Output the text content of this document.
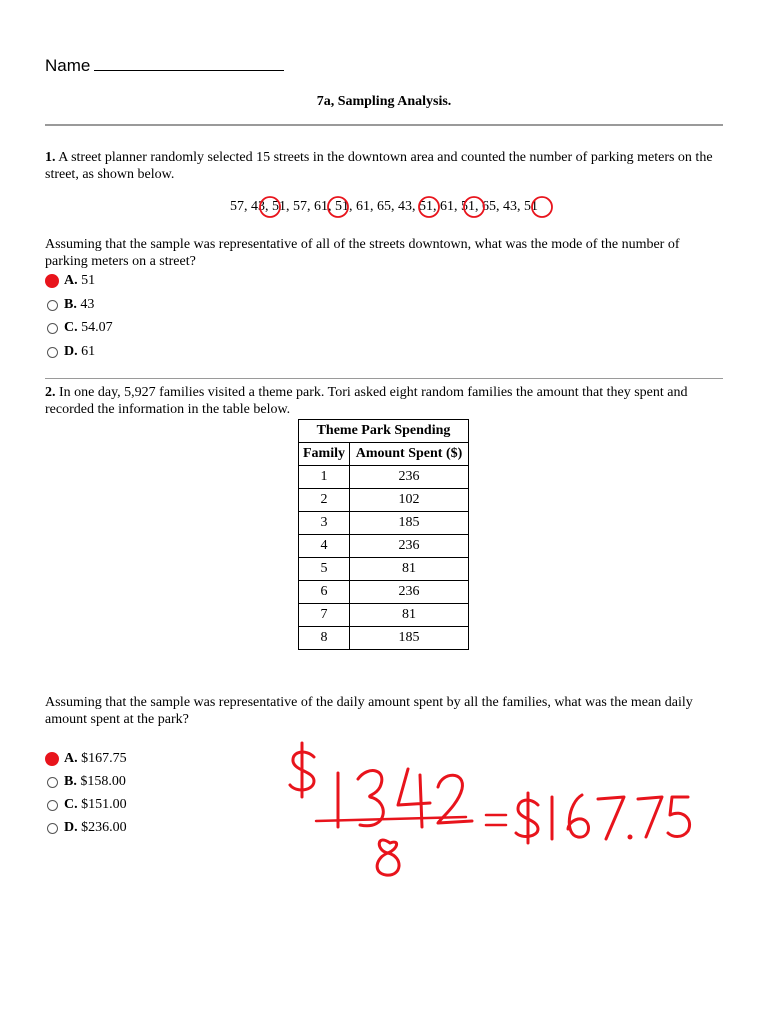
Name
7a, Sampling Analysis.
1. A street planner randomly selected 15 streets in the downtown area and counted the number of parking meters on the street, as shown below.
57, 43, 51, 57, 61, 51, 61, 65, 43, 51, 61, 51, 65, 43, 51
Assuming that the sample was representative of all of the streets downtown, what was the mode of the number of parking meters on a street?
A.
51
B.
43
C.
54.07
D.
61
2. In one day, 5,927 families visited a theme park. Tori asked eight random families the amount that they spent and recorded the information in the table below.
Theme Park Spending	
Family	Amount Spent ($)
1	236
2	102
3	185
4	236
5	81
6	236
7	81
8	185
Assuming that the sample was representative of the daily amount spent by all the families, what was the mean daily amount spent at the park?
A.
$167.75
B.
$158.00
C.
$151.00
D.
$236.00
